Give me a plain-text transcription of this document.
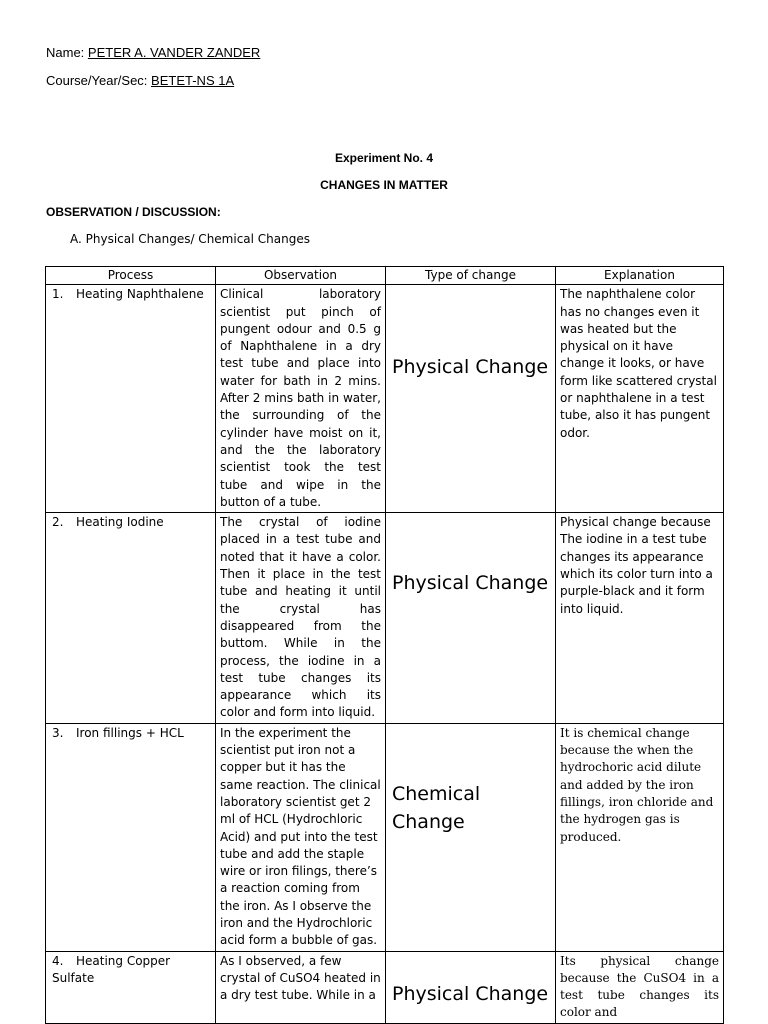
Name: PETER A. VANDER ZANDER
Course/Year/Sec: BETET-NS 1A
Experiment No. 4
CHANGES IN MATTER
OBSERVATION / DISCUSSION:
A. Physical Changes/ Chemical Changes
Process	Observation	Type of change	Explanation
1. Heating Naphthalene	Clinical laboratory scientist put pinch of pungent odour and 0.5 g of Naphthalene in a dry test tube and place into water for bath in 2 mins. After 2 mins bath in water, the surrounding of the cylinder have moist on it, and the the laboratory scientist took the test tube and wipe in the button of a tube.	Physical Change	The naphthalene color has no changes even it was heated but the physical on it have change it looks, or have form like scattered crystal or naphthalene in a test tube, also it has pungent odor.
2. Heating Iodine	The crystal of iodine placed in a test tube and noted that it have a color. Then it place in the test tube and heating it until the crystal has disappeared from the buttom. While in the process, the iodine in a test tube changes its appearance which its color and form into liquid.	Physical Change	Physical change because The iodine in a test tube changes its appearance which its color turn into a purple-black and it form into liquid.
3. Iron fillings + HCL	In the experiment the scientist put iron not a copper but it has the same reaction. The clinical laboratory scientist get 2 ml of HCL (Hydrochloric Acid) and put into the test tube and add the staple wire or iron filings, there’s a reaction coming from the iron. As I observe the iron and the Hydrochloric acid form a bubble of gas.	Chemical Change	It is chemical change because the when the hydrochoric acid dilute and added by the iron fillings, iron chloride and the hydrogen gas is produced.
4. Heating Copper Sulfate	As I observed, a few crystal of CuSO4 heated in a dry test tube. While in a	Physical Change	Its physical change because the CuSO4 in a test tube changes its color and
